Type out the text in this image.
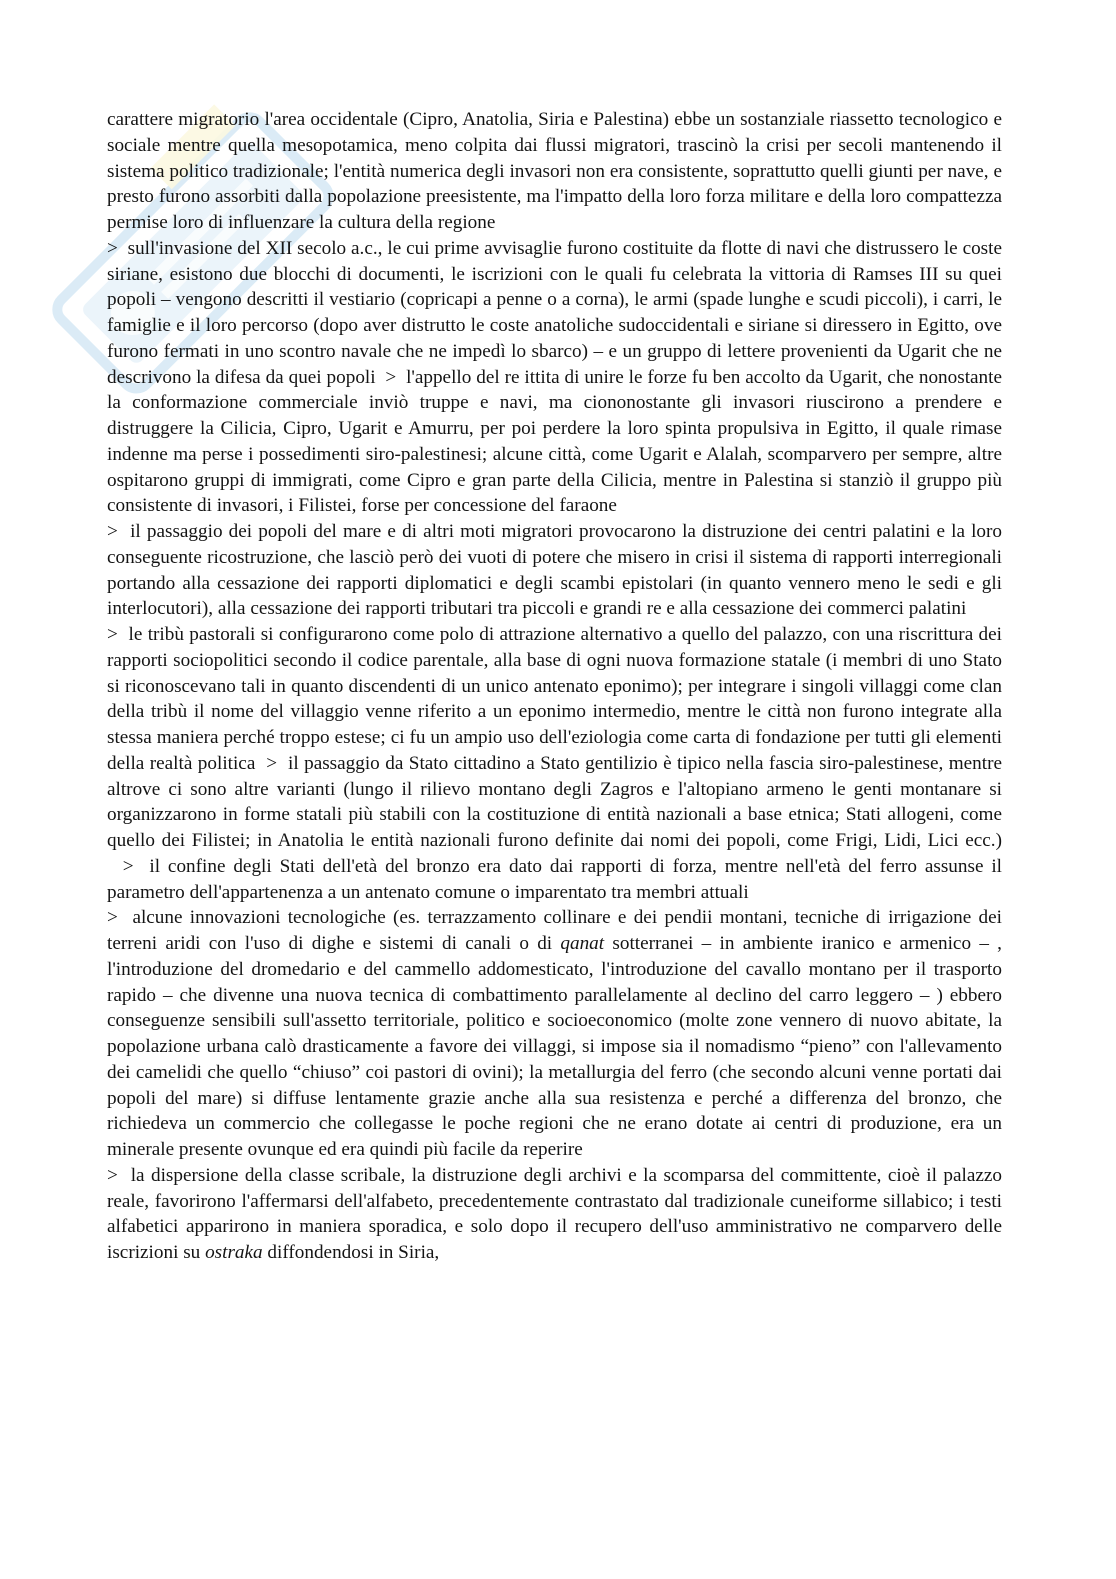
carattere migratorio l'area occidentale (Cipro, Anatolia, Siria e Palestina) ebbe un sostanziale riassetto tecnologico e sociale mentre quella mesopotamica, meno colpita dai flussi migratori, trascinò la crisi per secoli mantenendo il sistema politico tradizionale; l'entità numerica degli invasori non era consistente, soprattutto quelli giunti per nave, e presto furono assorbiti dalla popolazione preesistente, ma l'impatto della loro forza militare e della loro compattezza permise loro di influenzare la cultura della regione

>  sull'invasione del XII secolo a.c., le cui prime avvisaglie furono costituite da flotte di navi che distrussero le coste siriane, esistono due blocchi di documenti, le iscrizioni con le quali fu celebrata la vittoria di Ramses III su quei popoli – vengono descritti il vestiario (copricapi a penne o a corna), le armi (spade lunghe e scudi piccoli), i carri, le famiglie e il loro percorso (dopo aver distrutto le coste anatoliche sudoccidentali e siriane si diressero in Egitto, ove furono fermati in uno scontro navale che ne impedì lo sbarco) – e un gruppo di lettere provenienti da Ugarit che ne descrivono la difesa da quei popoli  >  l'appello del re ittita di unire le forze fu ben accolto da Ugarit, che nonostante la conformazione commerciale inviò truppe e navi, ma ciononostante gli invasori riuscirono a prendere e distruggere la Cilicia, Cipro, Ugarit e Amurru, per poi perdere la loro spinta propulsiva in Egitto, il quale rimase indenne ma perse i possedimenti siro-palestinesi; alcune città, come Ugarit e Alalah, scomparvero per sempre, altre ospitarono gruppi di immigrati, come Cipro e gran parte della Cilicia, mentre in Palestina si stanziò il gruppo più consistente di invasori, i Filistei, forse per concessione del faraone

>  il passaggio dei popoli del mare e di altri moti migratori provocarono la distruzione dei centri palatini e la loro conseguente ricostruzione, che lasciò però dei vuoti di potere che misero in crisi il sistema di rapporti interregionali portando alla cessazione dei rapporti diplomatici e degli scambi epistolari (in quanto vennero meno le sedi e gli interlocutori), alla cessazione dei rapporti tributari tra piccoli e grandi re e alla cessazione dei commerci palatini

>  le tribù pastorali si configurarono come polo di attrazione alternativo a quello del palazzo, con una riscrittura dei rapporti sociopolitici secondo il codice parentale, alla base di ogni nuova formazione statale (i membri di uno Stato si riconoscevano tali in quanto discendenti di un unico antenato eponimo); per integrare i singoli villaggi come clan della tribù il nome del villaggio venne riferito a un eponimo intermedio, mentre le città non furono integrate alla stessa maniera perché troppo estese; ci fu un ampio uso dell'eziologia come carta di fondazione per tutti gli elementi della realtà politica  >  il passaggio da Stato cittadino a Stato gentilizio è tipico nella fascia siro-palestinese, mentre altrove ci sono altre varianti (lungo il rilievo montano degli Zagros e l'altopiano armeno le genti montanare si organizzarono in forme statali più stabili con la costituzione di entità nazionali a base etnica; Stati allogeni, come quello dei Filistei; in Anatolia le entità nazionali furono definite dai nomi dei popoli, come Frigi, Lidi, Lici ecc.)  >  il confine degli Stati dell'età del bronzo era dato dai rapporti di forza, mentre nell'età del ferro assunse il parametro dell'appartenenza a un antenato comune o imparentato tra membri attuali

>  alcune innovazioni tecnologiche (es. terrazzamento collinare e dei pendii montani, tecniche di irrigazione dei terreni aridi con l'uso di dighe e sistemi di canali o di qanat sotterranei – in ambiente iranico e armenico – , l'introduzione del dromedario e del cammello addomesticato, l'introduzione del cavallo montano per il trasporto rapido – che divenne una nuova tecnica di combattimento parallelamente al declino del carro leggero – ) ebbero conseguenze sensibili sull'assetto territoriale, politico e socioeconomico (molte zone vennero di nuovo abitate, la popolazione urbana calò drasticamente a favore dei villaggi, si impose sia il nomadismo “pieno” con l'allevamento dei camelidi che quello “chiuso” coi pastori di ovini); la metallurgia del ferro (che secondo alcuni venne portati dai popoli del mare) si diffuse lentamente grazie anche alla sua resistenza e perché a differenza del bronzo, che richiedeva un commercio che collegasse le poche regioni che ne erano dotate ai centri di produzione, era un minerale presente ovunque ed era quindi più facile da reperire

>  la dispersione della classe scribale, la distruzione degli archivi e la scomparsa del committente, cioè il palazzo reale, favorirono l'affermarsi dell'alfabeto, precedentemente contrastato dal tradizionale cuneiforme sillabico; i testi alfabetici apparirono in maniera sporadica, e solo dopo il recupero dell'uso amministrativo ne comparvero delle iscrizioni su ostraka diffondendosi in Siria,
